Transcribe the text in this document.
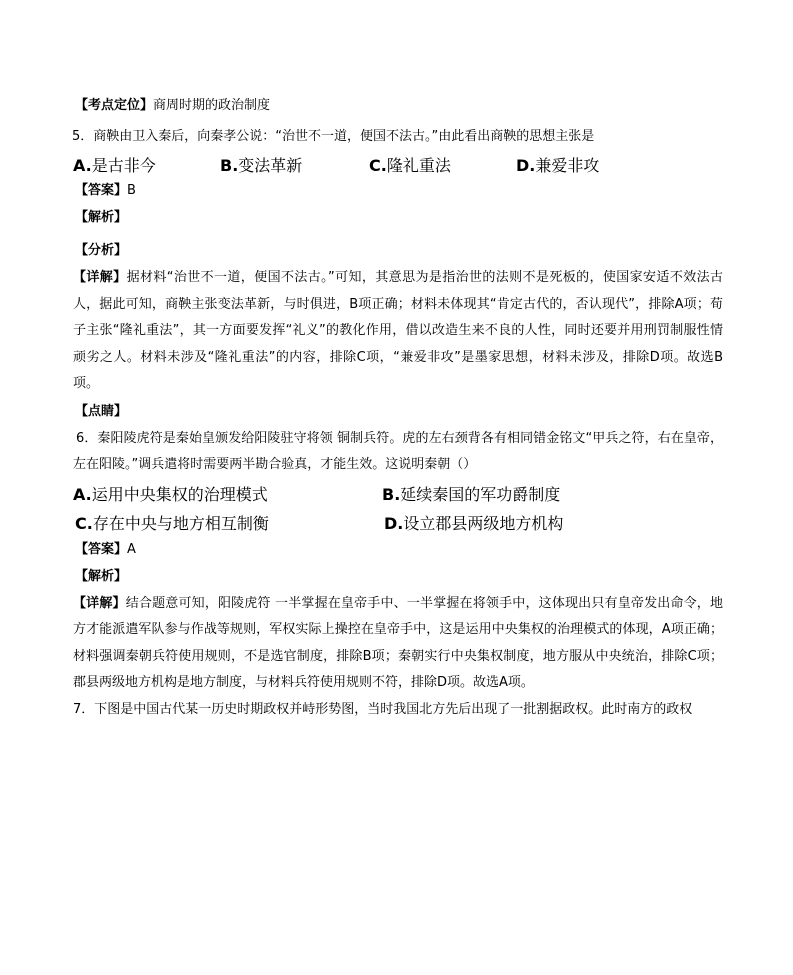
【考点定位】商周时期的政治制度

5．商鞅由卫入秦后，向秦孝公说：“治世不一道，便国不法古。”由此看出商鞅的思想主张是

A.是古非今	B.变法革新	C.隆礼重法	D.兼爱非攻

【答案】B

【解析】

【分析】

【详解】据材料“治世不一道，便国不法古。”可知，其意思为是指治世的法则不是死板的，使国家安适不效法古人，据此可知，商鞅主张变法革新，与时俱进，B项正确；材料未体现其“肯定古代的，否认现代”，排除A项；荀子主张“隆礼重法”，其一方面要发挥“礼义”的教化作用，借以改造生来不良的人性，同时还要并用刑罚制服性情顽劣之人。材料未涉及“隆礼重法”的内容，排除C项，“兼爱非攻”是墨家思想，材料未涉及，排除D项。故选B项。

【点睛】

6．秦阳陵虎符是秦始皇颁发给阳陵驻守将领 铜制兵符。虎的左右颈背各有相同错金铭文“甲兵之符，右在皇帝，左在阳陵。”调兵遣将时需要两半勘合验真，才能生效。这说明秦朝（）

A.运用中央集权的治理模式	B.延续秦国的军功爵制度
C.存在中央与地方相互制衡	D.设立郡县两级地方机构

【答案】A

【解析】

【详解】结合题意可知，阳陵虎符 一半掌握在皇帝手中、一半掌握在将领手中，这体现出只有皇帝发出命令，地方才能派遣军队参与作战等规则，军权实际上操控在皇帝手中，这是运用中央集权的治理模式的体现，A项正确；材料强调秦朝兵符使用规则，不是选官制度，排除B项；秦朝实行中央集权制度，地方服从中央统治，排除C项；郡县两级地方机构是地方制度，与材料兵符使用规则不符，排除D项。故选A项。

7．下图是中国古代某一历史时期政权并峙形势图，当时我国北方先后出现了一批割据政权。此时南方的政权
